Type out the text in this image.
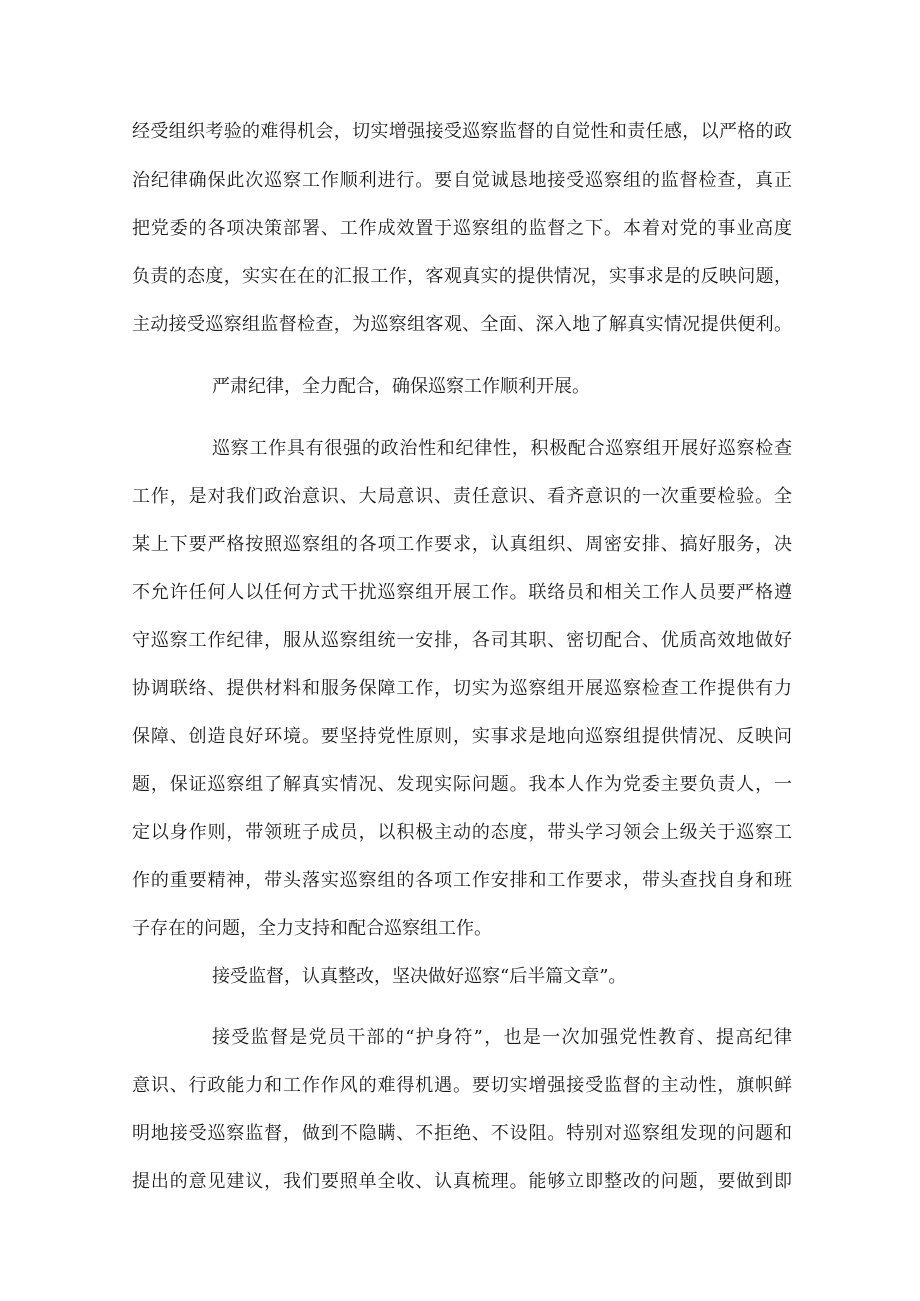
经受组织考验的难得机会，切实增强接受巡察监督的自觉性和责任感，以严格的政

治纪律确保此次巡察工作顺利进行。要自觉诚恳地接受巡察组的监督检查，真正

把党委的各项决策部署、工作成效置于巡察组的监督之下。本着对党的事业高度

负责的态度，实实在在的汇报工作，客观真实的提供情况，实事求是的反映问题，

主动接受巡察组监督检查，为巡察组客观、全面、深入地了解真实情况提供便利。

严肃纪律，全力配合，确保巡察工作顺利开展。

巡察工作具有很强的政治性和纪律性，积极配合巡察组开展好巡察检查

工作，是对我们政治意识、大局意识、责任意识、看齐意识的一次重要检验。全

某上下要严格按照巡察组的各项工作要求，认真组织、周密安排、搞好服务，决

不允许任何人以任何方式干扰巡察组开展工作。联络员和相关工作人员要严格遵

守巡察工作纪律，服从巡察组统一安排，各司其职、密切配合、优质高效地做好

协调联络、提供材料和服务保障工作，切实为巡察组开展巡察检查工作提供有力

保障、创造良好环境。要坚持党性原则，实事求是地向巡察组提供情况、反映问

题，保证巡察组了解真实情况、发现实际问题。我本人作为党委主要负责人，一

定以身作则，带领班子成员，以积极主动的态度，带头学习领会上级关于巡察工

作的重要精神，带头落实巡察组的各项工作安排和工作要求，带头查找自身和班

子存在的问题，全力支持和配合巡察组工作。

接受监督，认真整改，坚决做好巡察“后半篇文章”。

接受监督是党员干部的“护身符”，也是一次加强党性教育、提高纪律

意识、行政能力和工作作风的难得机遇。要切实增强接受监督的主动性，旗帜鲜

明地接受巡察监督，做到不隐瞒、不拒绝、不设阻。特别对巡察组发现的问题和

提出的意见建议，我们要照单全收、认真梳理。能够立即整改的问题，要做到即
